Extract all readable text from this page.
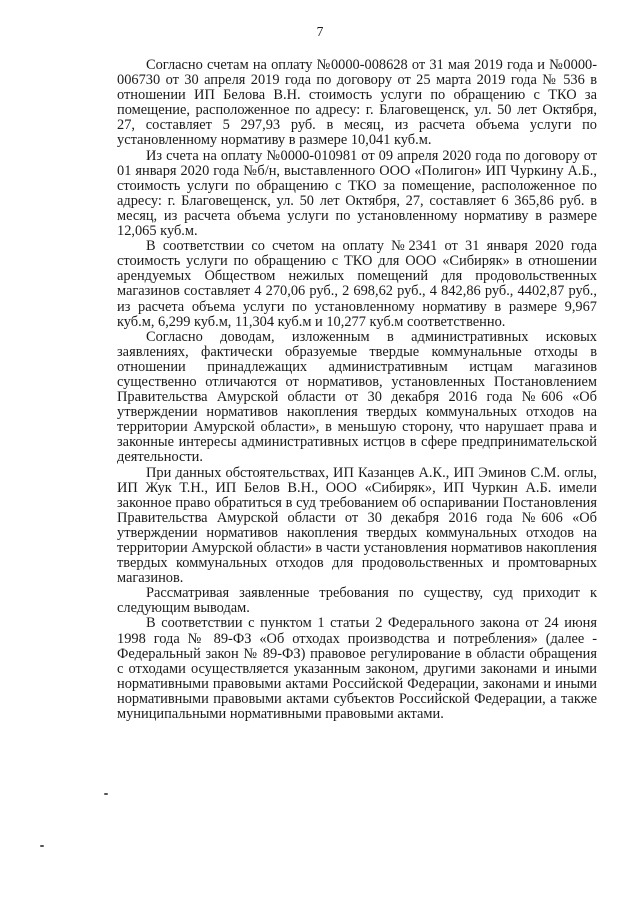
7

Согласно счетам на оплату №0000-008628 от 31 мая 2019 года и №0000-006730 от 30 апреля 2019 года по договору от 25 марта 2019 года № 536 в отношении ИП Белова В.Н. стоимость услуги по обращению с ТКО за помещение, расположенное по адресу: г. Благовещенск, ул. 50 лет Октября, 27, составляет 5 297,93 руб. в месяц, из расчета объема услуги по установленному нормативу в размере 10,041 куб.м.

Из счета на оплату №0000-010981 от 09 апреля 2020 года по договору от 01 января 2020 года №б/н, выставленного ООО «Полигон» ИП Чуркину А.Б., стоимость услуги по обращению с ТКО за помещение, расположенное по адресу: г. Благовещенск, ул. 50 лет Октября, 27, составляет 6 365,86 руб. в месяц, из расчета объема услуги по установленному нормативу в размере 12,065 куб.м.

В соответствии со счетом на оплату №2341 от 31 января 2020 года стоимость услуги по обращению с ТКО для ООО «Сибиряк» в отношении арендуемых Обществом нежилых помещений для продовольственных магазинов составляет 4 270,06 руб., 2 698,62 руб., 4 842,86 руб., 4402,87 руб., из расчета объема услуги по установленному нормативу в размере 9,967 куб.м, 6,299 куб.м, 11,304 куб.м и 10,277 куб.м соответственно.

Согласно доводам, изложенным в административных исковых заявлениях, фактически образуемые твердые коммунальные отходы в отношении принадлежащих административным истцам магазинов существенно отличаются от нормативов, установленных Постановлением Правительства Амурской области от 30 декабря 2016 года №606 «Об утверждении нормативов накопления твердых коммунальных отходов на территории Амурской области», в меньшую сторону, что нарушает права и законные интересы административных истцов в сфере предпринимательской деятельности.

При данных обстоятельствах, ИП Казанцев А.К., ИП Эминов С.М. оглы, ИП Жук Т.Н., ИП Белов В.Н., ООО «Сибиряк», ИП Чуркин А.Б. имели законное право обратиться в суд требованием об оспаривании Постановления Правительства Амурской области от 30 декабря 2016 года №606 «Об утверждении нормативов накопления твердых коммунальных отходов на территории Амурской области» в части установления нормативов накопления твердых коммунальных отходов для продовольственных и промтоварных магазинов.

Рассматривая заявленные требования по существу, суд приходит к следующим выводам.

В соответствии с пунктом 1 статьи 2 Федерального закона от 24 июня 1998 года № 89-ФЗ «Об отходах производства и потребления» (далее - Федеральный закон № 89-ФЗ) правовое регулирование в области обращения с отходами осуществляется указанным законом, другими законами и иными нормативными правовыми актами Российской Федерации, законами и иными нормативными правовыми актами субъектов Российской Федерации, а также муниципальными нормативными правовыми актами.
